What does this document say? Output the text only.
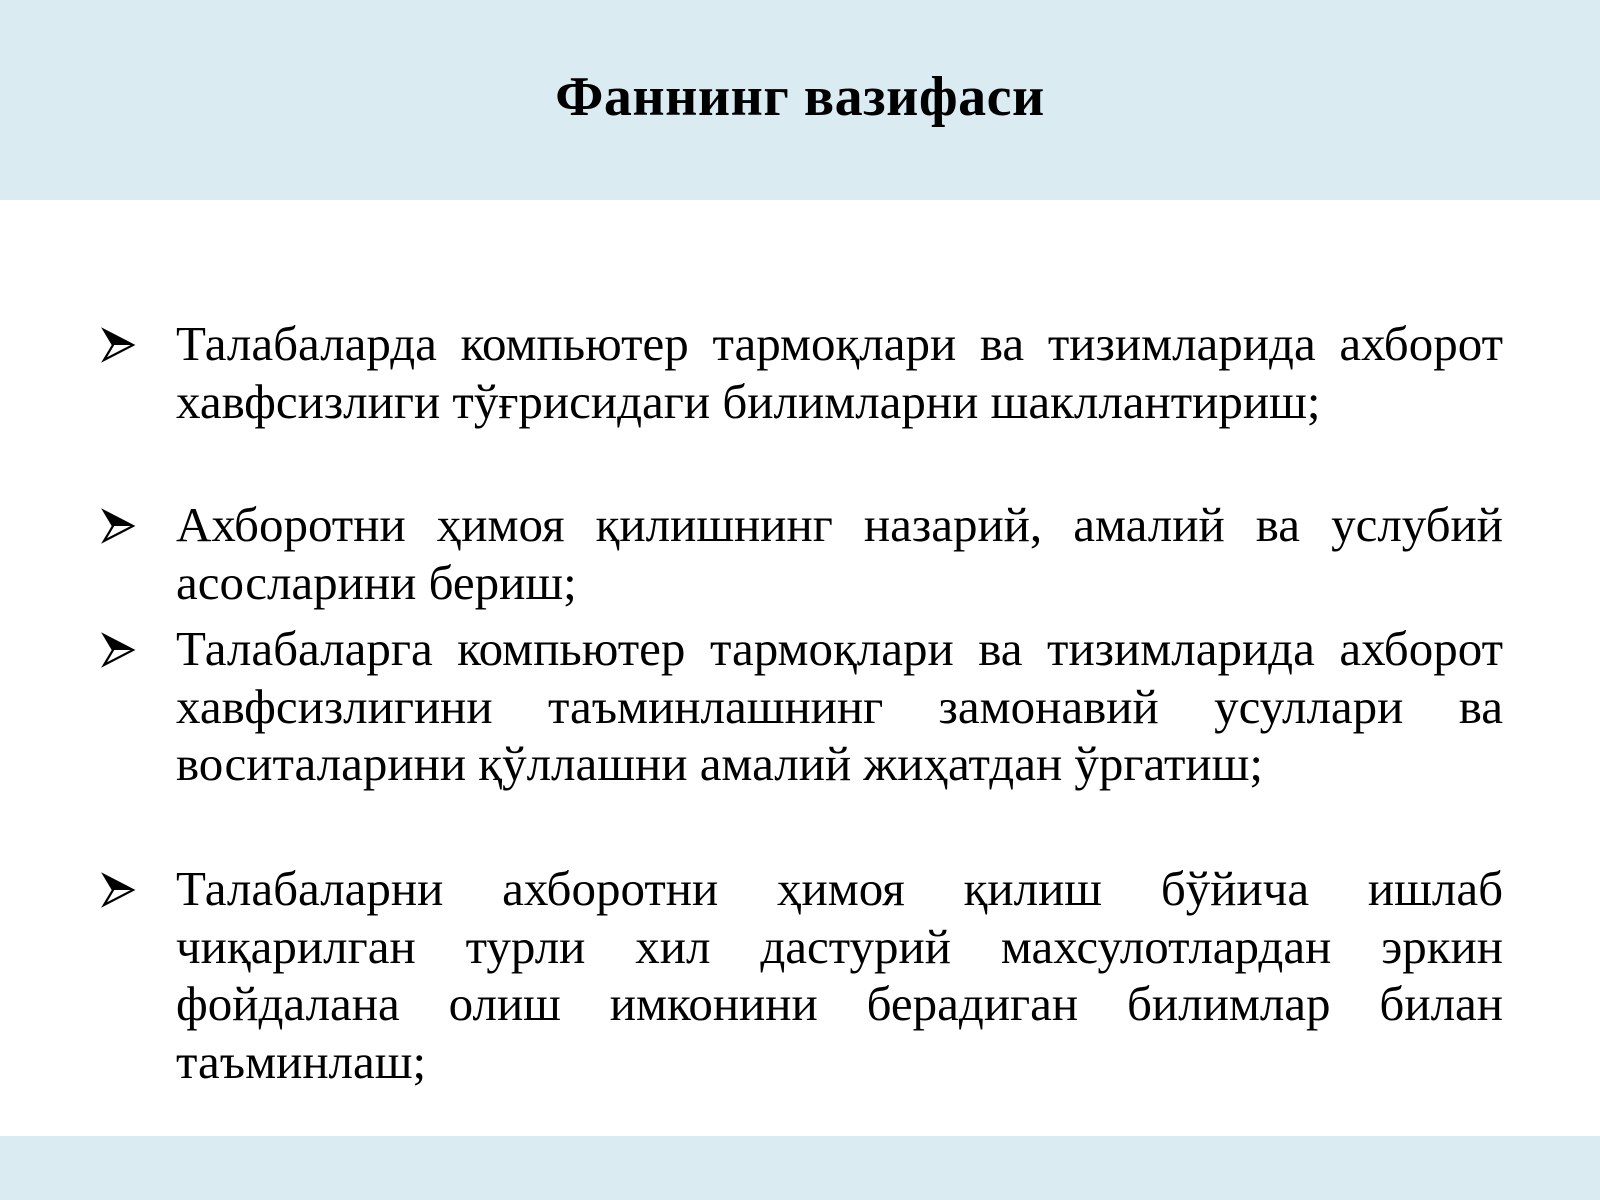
Фаннинг вазифаси

Талабаларда компьютер тармоқлари ва тизимларида ахборот хавфсизлиги тўғрисидаги билимларни шакллантириш;

Ахборотни ҳимоя қилишнинг назарий, амалий ва услубий асосларини бериш;

Талабаларга компьютер тармоқлари ва тизимларида ахборот хавфсизлигини таъминлашнинг замонавий усуллари ва воситаларини қўллашни амалий жиҳатдан ўргатиш;

Талабаларни ахборотни ҳимоя қилиш бўйича ишлаб чиқарилган турли хил дастурий махсулотлардан эркин фойдалана олиш имконини берадиган билимлар билан таъминлаш;
